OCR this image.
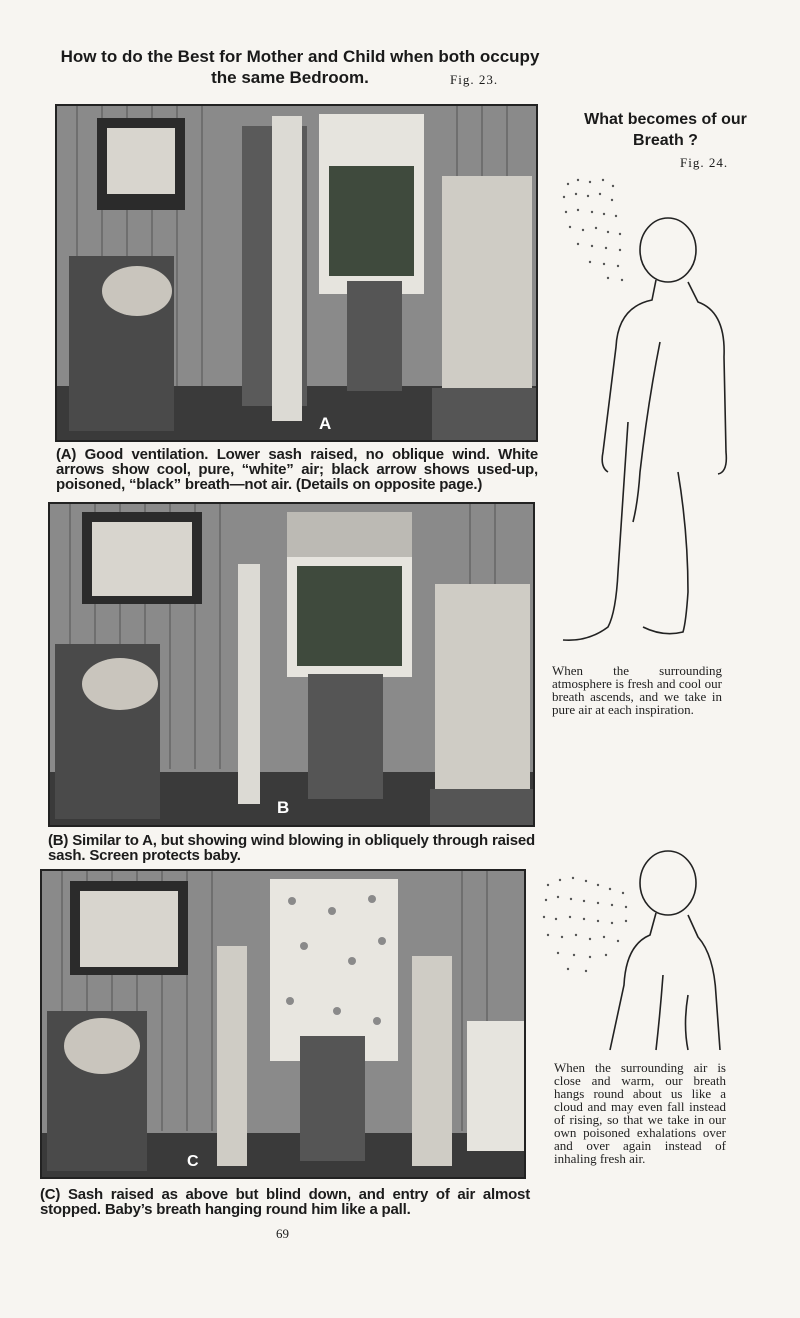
How to do the Best for Mother and Child when both occupy
the same Bedroom.	Fig. 23.
A
(A) Good ventilation. Lower sash raised, no oblique wind. White arrows show cool, pure, “white” air; black arrow shows used-up, poisoned, “black” breath—not air. (Details on opposite page.)
B
(B) Similar to A, but showing wind blowing in obliquely through raised sash. Screen protects baby.
C
(C) Sash raised as above but blind down, and entry of air almost stopped. Baby’s breath hanging round him like a pall.
69
What becomes of our
Breath ?
Fig. 24.
When the surrounding atmosphere is fresh and cool our breath ascends, and we take in pure air at each inspiration.
When the surrounding air is close and warm, our breath hangs round about us like a cloud and may even fall instead of rising, so that we take in our own poisoned exhalations over and over again instead of inhaling fresh air.
